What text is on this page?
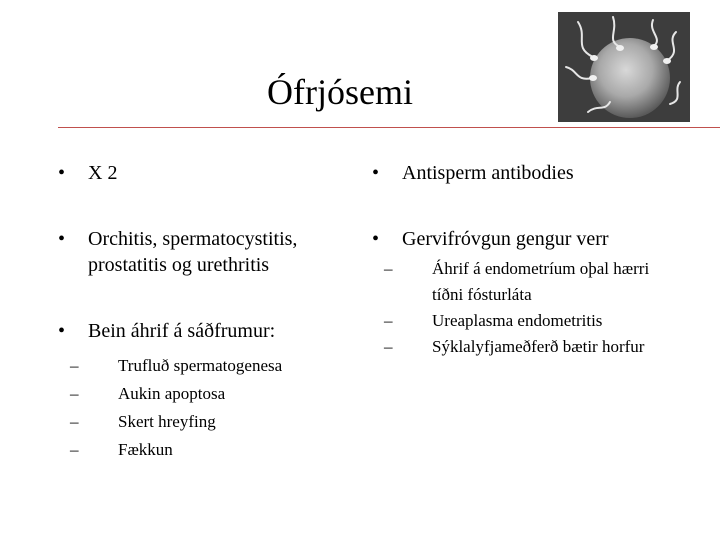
Ófrjósemi
• X 2
• Orchitis, spermatocystitis, prostatitis og urethritis
• Bein áhrif á sáðfrumur:
– Trufluð spermatogenesa
– Aukin apoptosa
– Skert hreyfing
– Fækkun
• Antisperm antibodies
• Gervifróvgun gengur verr
– Áhrif á endometríum oþal hærri tíðni fósturláta
– Ureaplasma endometritis
– Sýklalyfjameðferð bætir horfur
